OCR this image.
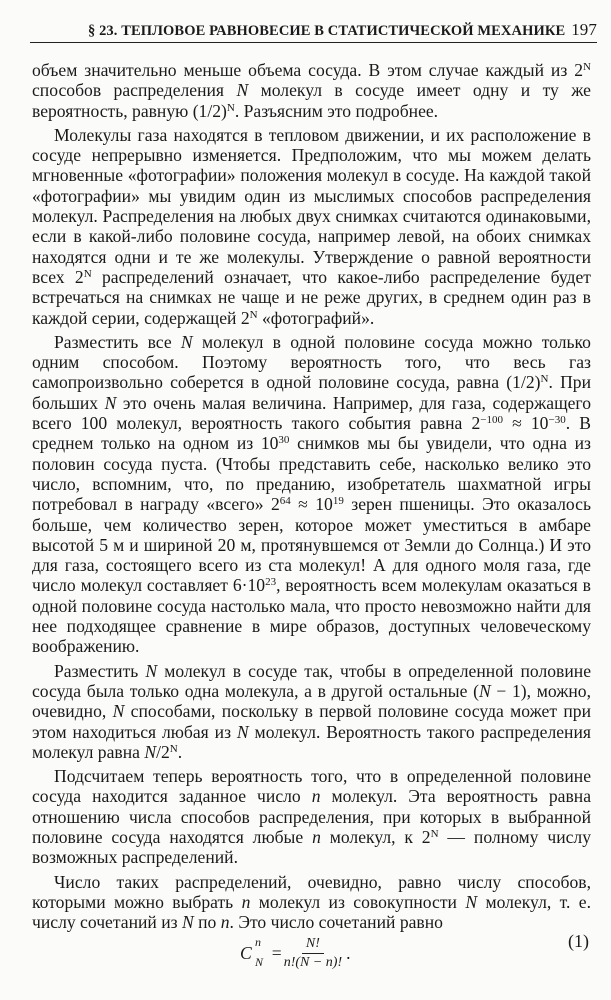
§ 23. ТЕПЛОВОЕ РАВНОВЕСИЕ В СТАТИСТИЧЕСКОЙ МЕХАНИКЕ 197

объем значительно меньше объема сосуда. В этом случае каждый из $2^N$ способов распределения N молекул в сосуде имеет одну и ту же вероятность, равную $(1/2)^N$. Разъясним это подробнее.

Молекулы газа находятся в тепловом движении, и их расположение в сосуде непрерывно изменяется. Предположим, что мы можем делать мгновенные «фотографии» положения молекул в сосуде. На каждой такой «фотографии» мы увидим один из мыслимых способов распределения молекул. Распределения на любых двух снимках считаются одинаковыми, если в какой-либо половине сосуда, например левой, на обоих снимках находятся одни и те же молекулы. Утверждение о равной вероятности всех $2^N$ распределений означает, что какое-либо распределение будет встречаться на снимках не чаще и не реже других, в среднем один раз в каждой серии, содержащей $2^N$ «фотографий».

Разместить все N молекул в одной половине сосуда можно только одним способом. Поэтому вероятность того, что весь газ самопроизвольно соберется в одной половине сосуда, равна $(1/2)^N$. При больших N это очень малая величина. Например, для газа, содержащего всего 100 молекул, вероятность такого события равна $2^{-100} \approx 10^{-30}$. В среднем только на одном из $10^{30}$ снимков мы бы увидели, что одна из половин сосуда пуста. (Чтобы представить себе, насколько велико это число, вспомним, что, по преданию, изобретатель шахматной игры потребовал в награду «всего» $2^{64} \approx 10^{19}$ зерен пшеницы. Это оказалось больше, чем количество зерен, которое может уместиться в амбаре высотой 5 м и шириной 20 м, протянувшемся от Земли до Солнца.) И это для газа, состоящего всего из ста молекул! А для одного моля газа, где число молекул составляет $6\cdot 10^{23}$, вероятность всем молекулам оказаться в одной половине сосуда настолько мала, что просто невозможно найти для нее подходящее сравнение в мире образов, доступных человеческому воображению.

Разместить N молекул в сосуде так, чтобы в определенной половине сосуда была только одна молекула, а в другой остальные (N − 1), можно, очевидно, N способами, поскольку в первой половине сосуда может при этом находиться любая из N молекул. Вероятность такого распределения молекул равна $N/2^N$.

Подсчитаем теперь вероятность того, что в определенной половине сосуда находится заданное число n молекул. Эта вероятность равна отношению числа способов распределения, при которых в выбранной половине сосуда находятся любые n молекул, к $2^N$ — полному числу возможных распределений.

Число таких распределений, очевидно, равно числу способов, которыми можно выбрать n молекул из совокупности N молекул, т. е. числу сочетаний из N по n. Это число сочетаний равно

C
n
$N = \frac{N!}{n!(N - n)!}$ .
(1)
